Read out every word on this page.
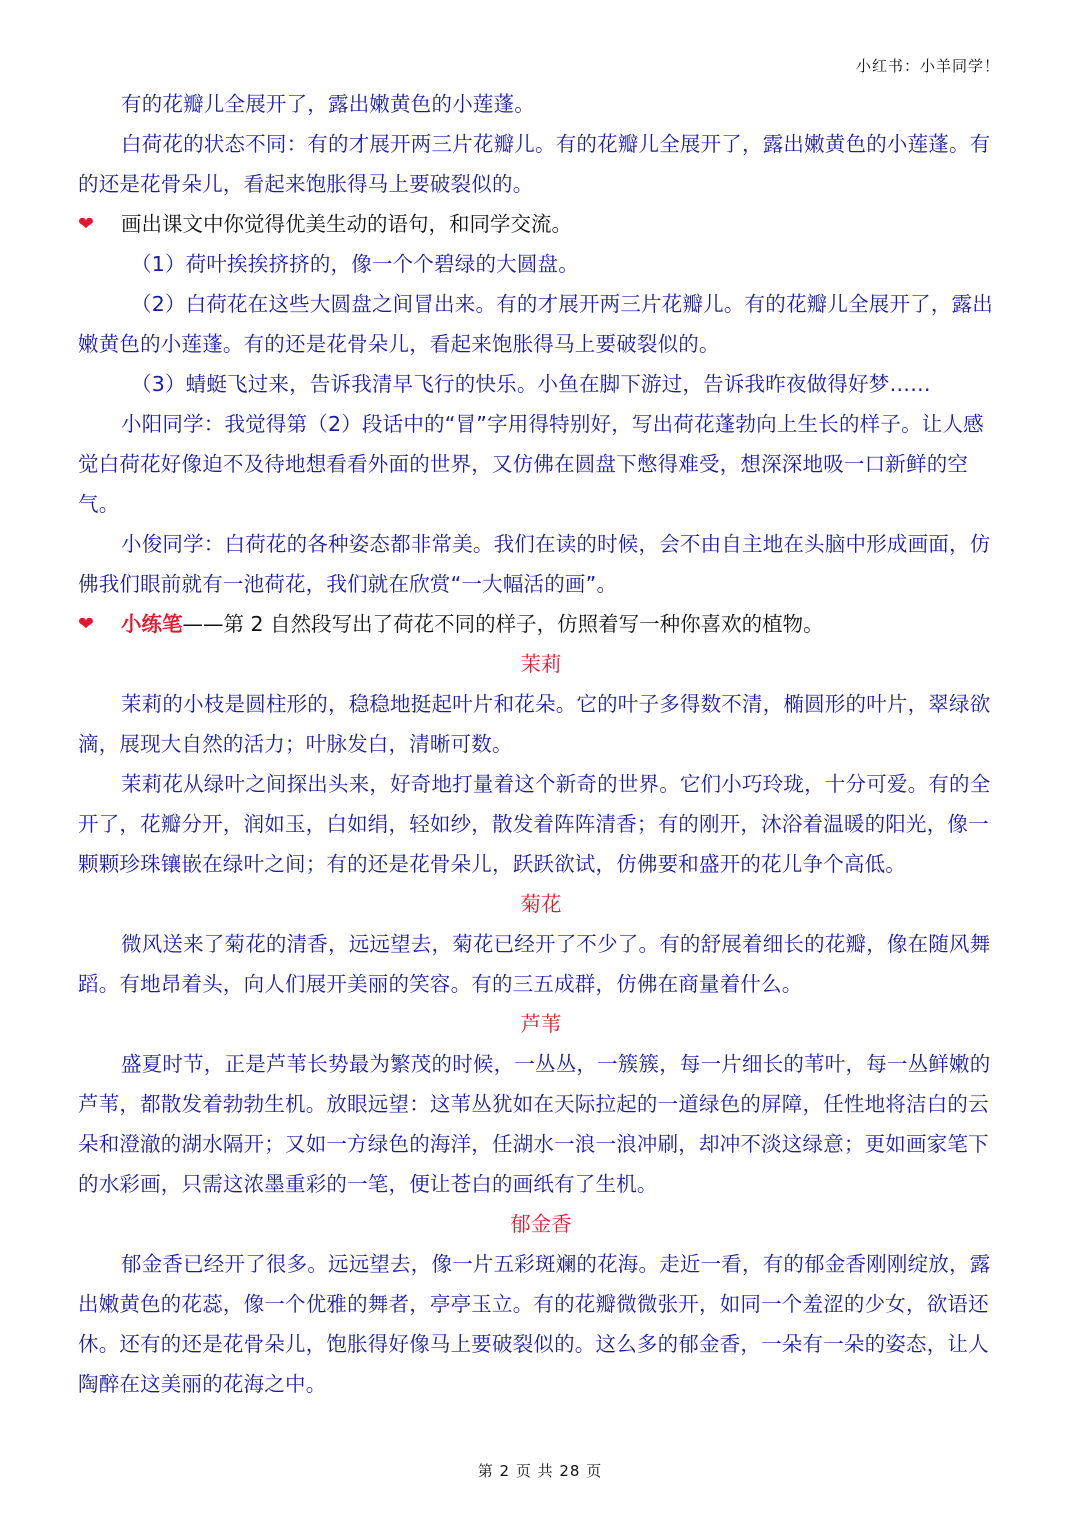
小红书：小羊同学！

有的花瓣儿全展开了，露出嫩黄色的小莲蓬。

白荷花的状态不同：有的才展开两三片花瓣儿。有的花瓣儿全展开了，露出嫩黄色的小莲蓬。有的还是花骨朵儿，看起来饱胀得马上要破裂似的。

❤	画出课文中你觉得优美生动的语句，和同学交流。

（1）荷叶挨挨挤挤的，像一个个碧绿的大圆盘。

（2）白荷花在这些大圆盘之间冒出来。有的才展开两三片花瓣儿。有的花瓣儿全展开了，露出嫩黄色的小莲蓬。有的还是花骨朵儿，看起来饱胀得马上要破裂似的。

（3）蜻蜓飞过来，告诉我清早飞行的快乐。小鱼在脚下游过，告诉我昨夜做得好梦……

小阳同学：我觉得第（2）段话中的“冒”字用得特别好，写出荷花蓬勃向上生长的样子。让人感觉白荷花好像迫不及待地想看看外面的世界，又仿佛在圆盘下憋得难受，想深深地吸一口新鲜的空气。

小俊同学：白荷花的各种姿态都非常美。我们在读的时候，会不由自主地在头脑中形成画面，仿佛我们眼前就有一池荷花，我们就在欣赏“一大幅活的画”。

❤	小练笔 ——第 2 自然段写出了荷花不同的样子，仿照着写一种你喜欢的植物。

茉莉

茉莉的小枝是圆柱形的，稳稳地挺起叶片和花朵。它的叶子多得数不清，椭圆形的叶片，翠绿欲滴，展现大自然的活力；叶脉发白，清晰可数。

茉莉花从绿叶之间探出头来，好奇地打量着这个新奇的世界。它们小巧玲珑，十分可爱。有的全开了，花瓣分开，润如玉，白如绢，轻如纱，散发着阵阵清香；有的刚开，沐浴着温暖的阳光，像一颗颗珍珠镶嵌在绿叶之间；有的还是花骨朵儿，跃跃欲试，仿佛要和盛开的花儿争个高低。

菊花

微风送来了菊花的清香，远远望去，菊花已经开了不少了。有的舒展着细长的花瓣，像在随风舞蹈。有地昂着头，向人们展开美丽的笑容。有的三五成群，仿佛在商量着什么。

芦苇

盛夏时节，正是芦苇长势最为繁茂的时候，一丛丛，一簇簇，每一片细长的苇叶，每一丛鲜嫩的芦苇，都散发着勃勃生机。放眼远望：这苇丛犹如在天际拉起的一道绿色的屏障，任性地将洁白的云朵和澄澈的湖水隔开；又如一方绿色的海洋，任湖水一浪一浪冲刷，却冲不淡这绿意；更如画家笔下的水彩画，只需这浓墨重彩的一笔，便让苍白的画纸有了生机。

郁金香

郁金香已经开了很多。远远望去，像一片五彩斑斓的花海。走近一看，有的郁金香刚刚绽放，露出嫩黄色的花蕊，像一个优雅的舞者，亭亭玉立。有的花瓣微微张开，如同一个羞涩的少女，欲语还休。还有的还是花骨朵儿，饱胀得好像马上要破裂似的。这么多的郁金香，一朵有一朵的姿态，让人陶醉在这美丽的花海之中。

第 2 页 共 28 页
